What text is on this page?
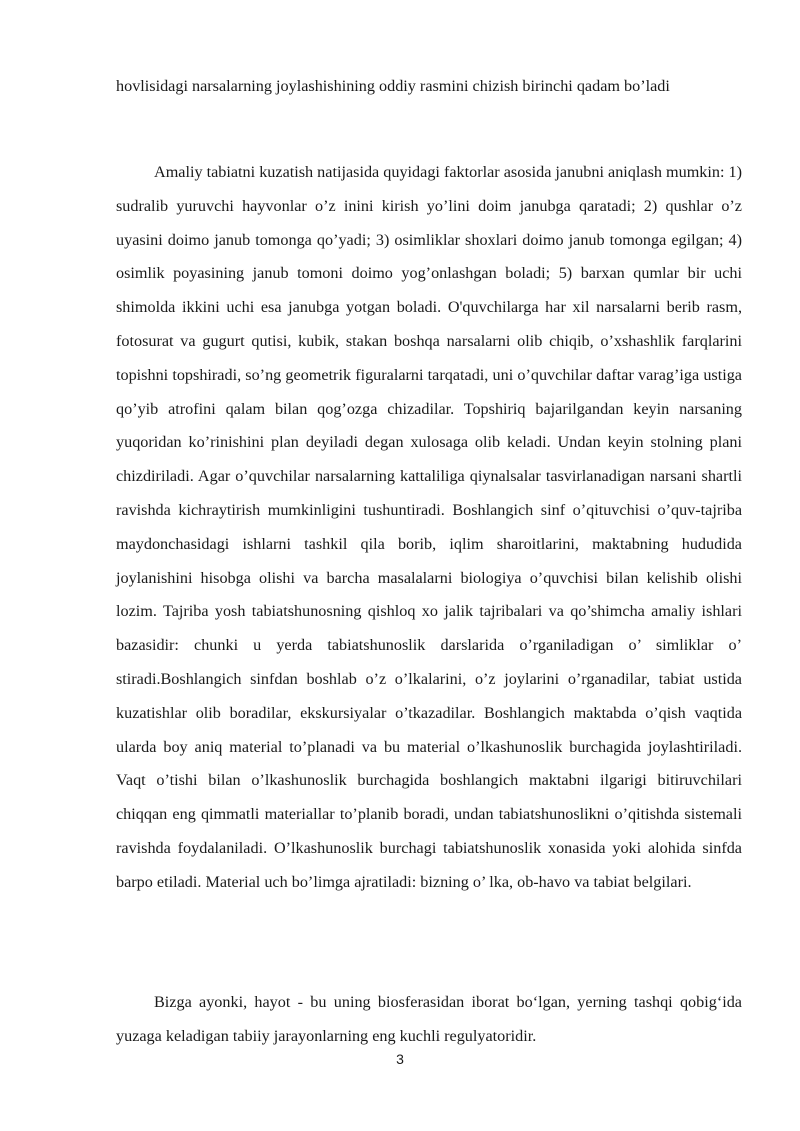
hovlisidagi narsalarning joylashishining oddiy rasmini chizish birinchi qadam bo’ladi

Amaliy tabiatni kuzatish natijasida quyidagi faktorlar asosida janubni aniqlash mumkin: 1) sudralib yuruvchi hayvonlar o’z inini kirish yo’lini doim janubga qaratadi; 2) qushlar o’z uyasini doimo janub tomonga qo’yadi; 3) osimliklar shoxlari doimo janub tomonga egilgan; 4) osimlik poyasining janub tomoni doimo yog’onlashgan boladi; 5) barxan qumlar bir uchi shimolda ikkini uchi esa janubga yotgan boladi. O'quvchilarga har xil narsalarni berib rasm, fotosurat va gugurt qutisi, kubik, stakan boshqa narsalarni olib chiqib, o’xshashlik farqlarini topishni topshiradi, so’ng geometrik figuralarni tarqatadi, uni o’quvchilar daftar varag’iga ustiga qo’yib atrofini qalam bilan qog’ozga chizadilar. Topshiriq bajarilgandan keyin narsaning yuqoridan ko’rinishini plan deyiladi degan xulosaga olib keladi. Undan keyin stolning plani chizdiriladi. Agar o’quvchilar narsalarning kattaliliga qiynalsalar tasvirlanadigan narsani shartli ravishda kichraytirish mumkinligini tushuntiradi. Boshlangich sinf o’qituvchisi o’quv-tajriba maydonchasidagi ishlarni tashkil qila borib, iqlim sharoitlarini, maktabning hududida joylanishini hisobga olishi va barcha masalalarni biologiya o’quvchisi bilan kelishib olishi lozim. Tajriba yosh tabiatshunosning qishloq xo jalik tajribalari va qo’shimcha amaliy ishlari bazasidir: chunki u yerda tabiatshunoslik darslarida o’rganiladigan o’ simliklar o’ stiradi.Boshlangich sinfdan boshlab o’z o’lkalarini, o’z joylarini o’rganadilar, tabiat ustida kuzatishlar olib boradilar, ekskursiyalar o’tkazadilar. Boshlangich maktabda o’qish vaqtida ularda boy aniq material to’planadi va bu material o’lkashunoslik burchagida joylashtiriladi. Vaqt o’tishi bilan o’lkashunoslik burchagida boshlangich maktabni ilgarigi bitiruvchilari chiqqan eng qimmatli materiallar to’planib boradi, undan tabiatshunoslikni o’qitishda sistemali ravishda foydalaniladi. O’lkashunoslik burchagi tabiatshunoslik xonasida yoki alohida sinfda barpo etiladi. Material uch bo’limga ajratiladi: bizning o’ lka, ob-havo va tabiat belgilari.

Bizga ayonki, hayot - bu uning biosferasidan iborat bo‘lgan, yerning tashqi qobig‘ida yuzaga keladigan tabiiy jarayonlarning eng kuchli regulyatoridir.

3
